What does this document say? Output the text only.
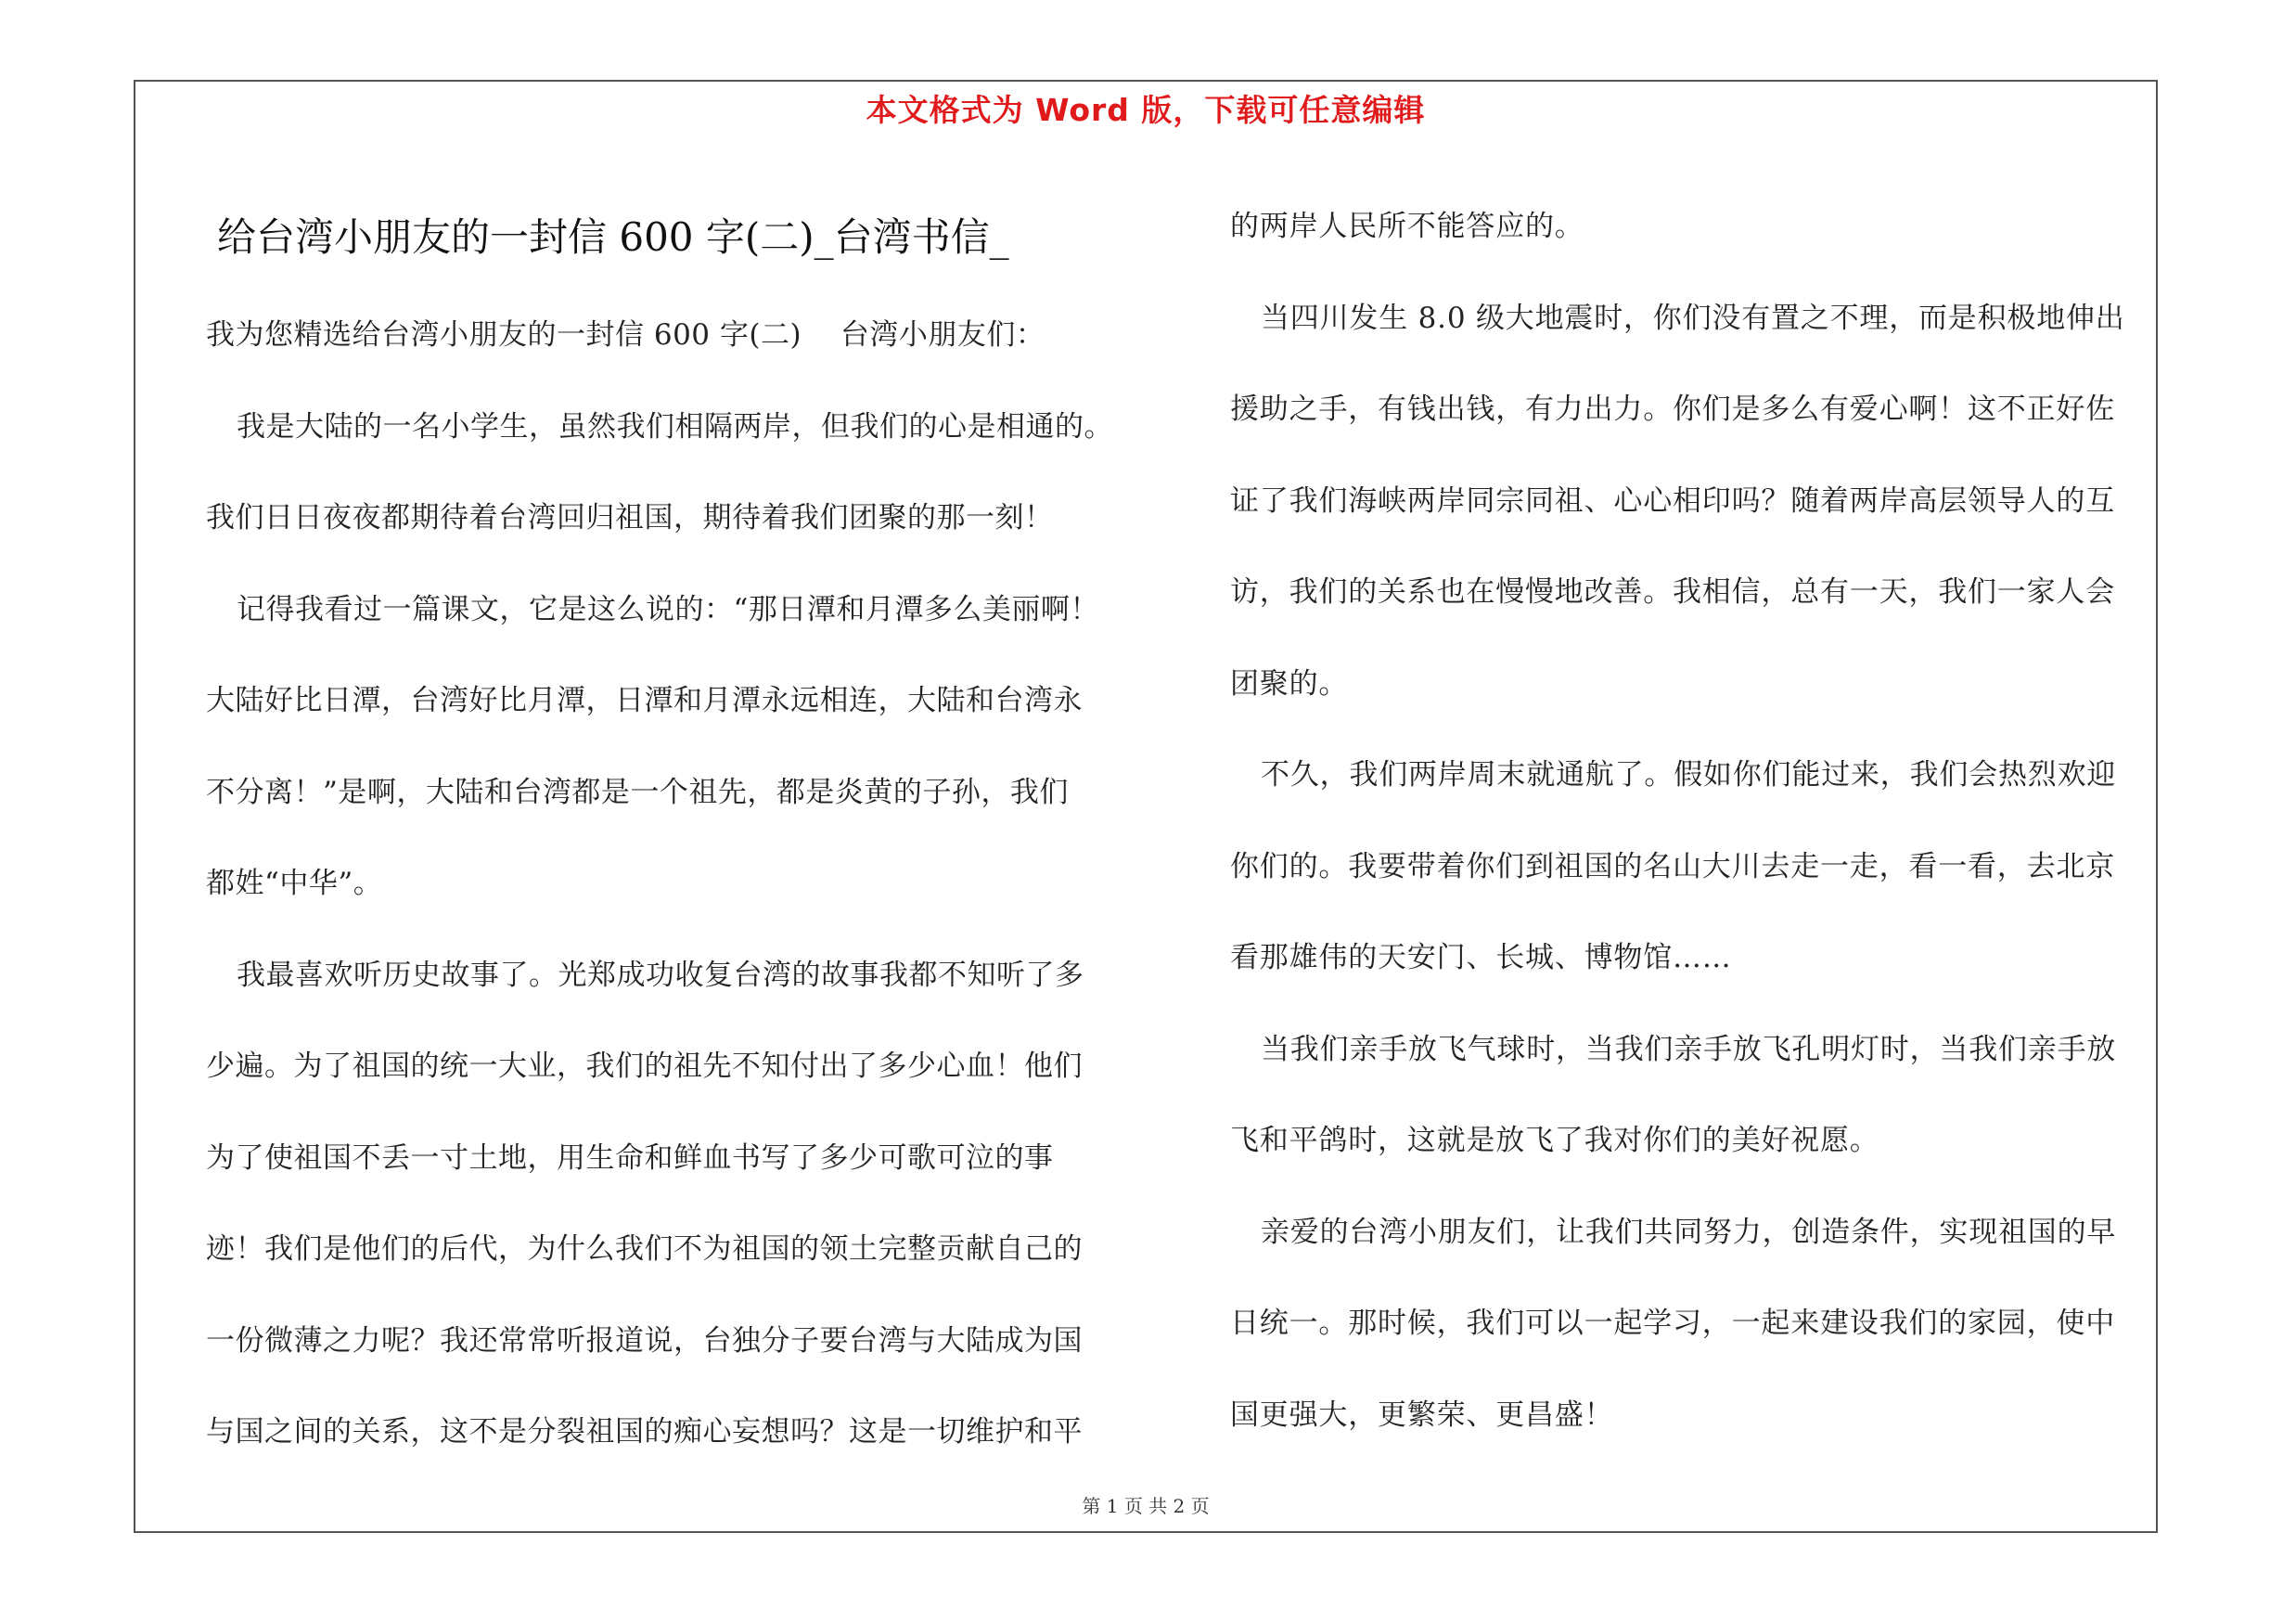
本文格式为 Word 版，下载可任意编辑
给台湾小朋友的一封信 600 字(二)_台湾书信_
我为您精选给台湾小朋友的一封信 600 字(二)　 台湾小朋友们：
我是大陆的一名小学生，虽然我们相隔两岸，但我们的心是相通的。
我们日日夜夜都期待着台湾回归祖国，期待着我们团聚的那一刻！
记得我看过一篇课文，它是这么说的：“那日潭和月潭多么美丽啊！
大陆好比日潭，台湾好比月潭，日潭和月潭永远相连，大陆和台湾永
不分离！”是啊，大陆和台湾都是一个祖先，都是炎黄的子孙，我们
都姓“中华”。
我最喜欢听历史故事了。光郑成功收复台湾的故事我都不知听了多
少遍。为了祖国的统一大业，我们的祖先不知付出了多少心血！他们
为了使祖国不丢一寸土地，用生命和鲜血书写了多少可歌可泣的事
迹！我们是他们的后代，为什么我们不为祖国的领土完整贡献自己的
一份微薄之力呢？我还常常听报道说，台独分子要台湾与大陆成为国
与国之间的关系，这不是分裂祖国的痴心妄想吗？这是一切维护和平
的两岸人民所不能答应的。
当四川发生 8.0 级大地震时，你们没有置之不理，而是积极地伸出
援助之手，有钱出钱，有力出力。你们是多么有爱心啊！这不正好佐
证了我们海峡两岸同宗同祖、心心相印吗？随着两岸高层领导人的互
访，我们的关系也在慢慢地改善。我相信，总有一天，我们一家人会
团聚的。
不久，我们两岸周末就通航了。假如你们能过来，我们会热烈欢迎
你们的。我要带着你们到祖国的名山大川去走一走，看一看，去北京
看那雄伟的天安门、长城、博物馆……
当我们亲手放飞气球时，当我们亲手放飞孔明灯时，当我们亲手放
飞和平鸽时，这就是放飞了我对你们的美好祝愿。
亲爱的台湾小朋友们，让我们共同努力，创造条件，实现祖国的早
日统一。那时候，我们可以一起学习，一起来建设我们的家园，使中
国更强大，更繁荣、更昌盛！
第 1 页 共 2 页
